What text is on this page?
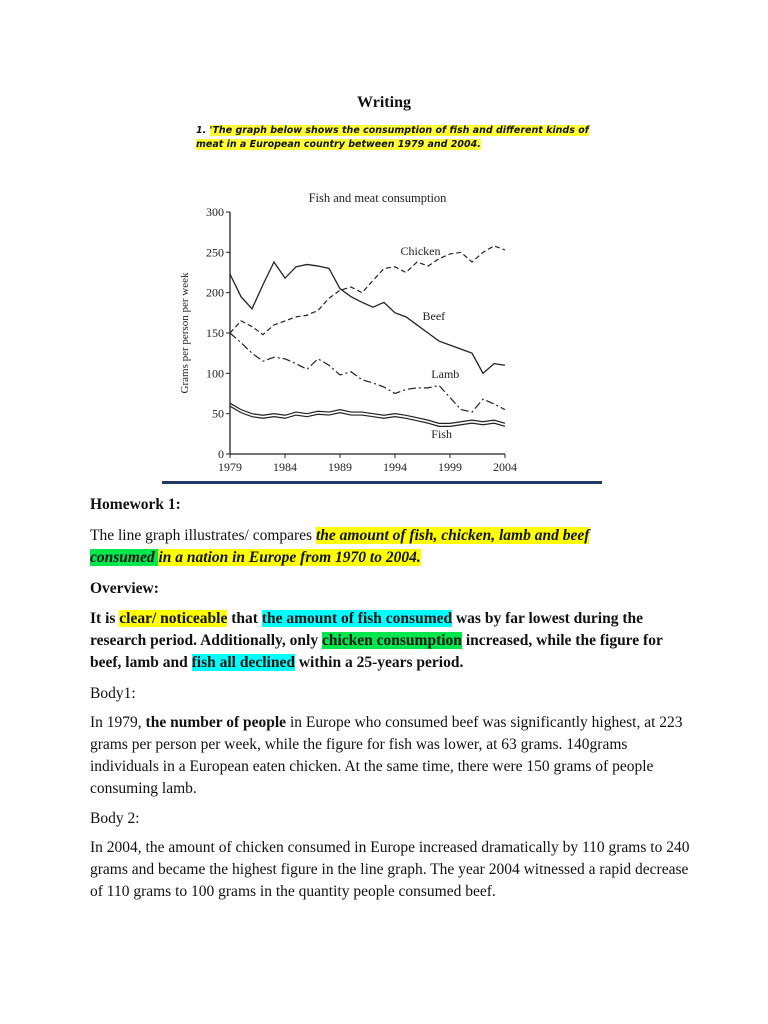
Writing
1. 'The graph below shows the consumption of fish and different kinds of meat in a European country between 1979 and 2004.
Fish and meat consumption
Grams per person per week
0
50
100
150
200
250
300
1979	1984	1989	1994	1999	2004
Chicken
Beef
Lamb
Fish
Homework 1:
The line graph illustrates/ compares the amount of fish, chicken, lamb and beef
consumed in a nation in Europe from 1970 to 2004.
Overview:
It is clear/ noticeable that the amount of fish consumed was by far lowest during the research period. Additionally, only chicken consumption increased, while the figure for beef, lamb and fish all declined within a 25-years period.
Body1:
In 1979, the number of people in Europe who consumed beef was significantly highest, at 223 grams per person per week, while the figure for fish was lower, at 63 grams. 140grams individuals in a European eaten chicken. At the same time, there were 150 grams of people consuming lamb.
Body 2:
In 2004, the amount of chicken consumed in Europe increased dramatically by 110 grams to 240 grams and became the highest figure in the line graph. The year 2004 witnessed a rapid decrease of 110 grams to 100 grams in the quantity people consumed beef.
